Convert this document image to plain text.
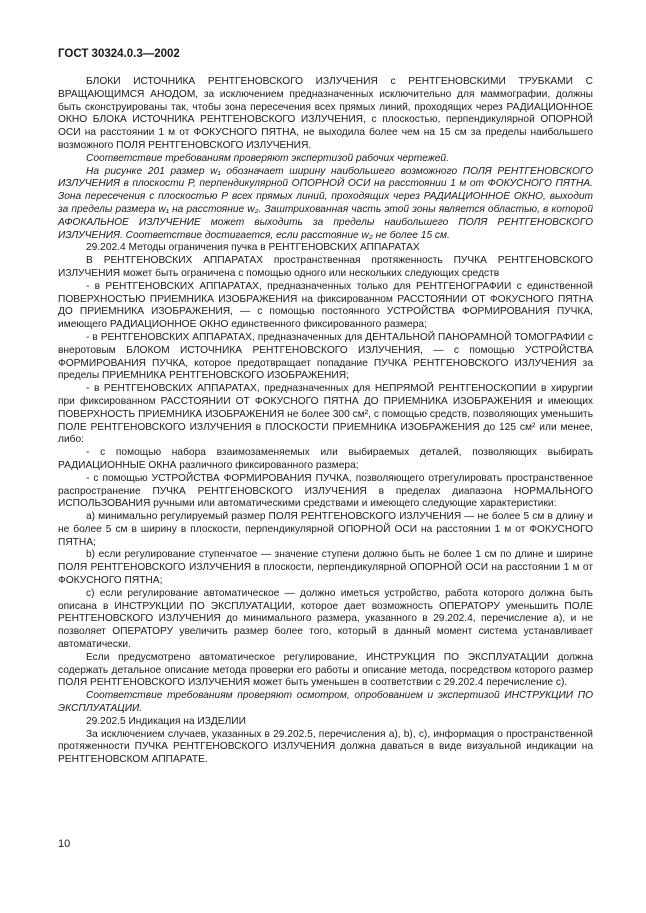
ГОСТ 30324.0.3—2002

БЛОКИ ИСТОЧНИКА РЕНТГЕНОВСКОГО ИЗЛУЧЕНИЯ с РЕНТГЕНОВСКИМИ ТРУБКАМИ С ВРАЩАЮЩИМСЯ АНОДОМ, за исключением предназначенных исключительно для маммографии, должны быть сконструированы так, чтобы зона пересечения всех прямых линий, проходящих через РАДИАЦИОННОЕ ОКНО БЛОКА ИСТОЧНИКА РЕНТГЕНОВСКОГО ИЗЛУЧЕНИЯ, с плоскостью, перпендикулярной ОПОРНОЙ ОСИ на расстоянии 1 м от ФОКУСНОГО ПЯТНА, не выходила более чем на 15 см за пределы наибольшего возможного ПОЛЯ РЕНТГЕНОВСКОГО ИЗЛУЧЕНИЯ.

Соответствие требованиям проверяют экспертизой рабочих чертежей.

На рисунке 201 размер w₁ обозначает ширину наибольшего возможного ПОЛЯ РЕНТГЕНОВСКОГО ИЗЛУЧЕНИЯ в плоскости Р, перпендикулярной ОПОРНОЙ ОСИ на расстоянии 1 м от ФОКУСНОГО ПЯТНА. Зона пересечения с плоскостью Р всех прямых линий, проходящих через РАДИАЦИОННОЕ ОКНО, выходит за пределы размера w₁ на расстояние w₂. Заштрихованная часть этой зоны является областью, в которой АФОКАЛЬНОЕ ИЗЛУЧЕНИЕ может выходить за пределы наибольшего ПОЛЯ РЕНТГЕНОВСКОГО ИЗЛУЧЕНИЯ. Соответствие достигается, если расстояние w₂ не более 15 см.

29.202.4 Методы ограничения пучка в РЕНТГЕНОВСКИХ АППАРАТАХ

В РЕНТГЕНОВСКИХ АППАРАТАХ пространственная протяженность ПУЧКА РЕНТГЕНОВСКОГО ИЗЛУЧЕНИЯ может быть ограничена с помощью одного или нескольких следующих средств

- в РЕНТГЕНОВСКИХ АППАРАТАХ, предназначенных только для РЕНТГЕНОГРАФИИ с единственной ПОВЕРХНОСТЬЮ ПРИЕМНИКА ИЗОБРАЖЕНИЯ на фиксированном РАССТОЯНИИ ОТ ФОКУСНОГО ПЯТНА ДО ПРИЕМНИКА ИЗОБРАЖЕНИЯ, — с помощью постоянного УСТРОЙСТВА ФОРМИРОВАНИЯ ПУЧКА, имеющего РАДИАЦИОННОЕ ОКНО единственного фиксированного размера;

- в РЕНТГЕНОВСКИХ АППАРАТАХ, предназначенных для ДЕНТАЛЬНОЙ ПАНОРАМНОЙ ТОМОГРАФИИ с внеротовым БЛОКОМ ИСТОЧНИКА РЕНТГЕНОВСКОГО ИЗЛУЧЕНИЯ, — с помощью УСТРОЙСТВА ФОРМИРОВАНИЯ ПУЧКА, которое предотвращает попадание ПУЧКА РЕНТГЕНОВСКОГО ИЗЛУЧЕНИЯ за пределы ПРИЕМНИКА РЕНТГЕНОВСКОГО ИЗОБРАЖЕНИЯ;

- в РЕНТГЕНОВСКИХ АППАРАТАХ, предназначенных для НЕПРЯМОЙ РЕНТГЕНОСКОПИИ в хирургии при фиксированном РАССТОЯНИИ ОТ ФОКУСНОГО ПЯТНА ДО ПРИЕМНИКА ИЗОБРАЖЕНИЯ и имеющих ПОВЕРХНОСТЬ ПРИЕМНИКА ИЗОБРАЖЕНИЯ не более 300 см², с помощью средств, позволяющих уменьшить ПОЛЕ РЕНТГЕНОВСКОГО ИЗЛУЧЕНИЯ в ПЛОСКОСТИ ПРИЕМНИКА ИЗОБРАЖЕНИЯ до 125 см² или менее, либо:

- с помощью набора взаимозаменяемых или выбираемых деталей, позволяющих выбирать РАДИАЦИОННЫЕ ОКНА различного фиксированного размера;

- с помощью УСТРОЙСТВА ФОРМИРОВАНИЯ ПУЧКА, позволяющего отрегулировать пространственное распространение ПУЧКА РЕНТГЕНОВСКОГО ИЗЛУЧЕНИЯ в пределах диапазона НОРМАЛЬНОГО ИСПОЛЬЗОВАНИЯ ручными или автоматическими средствами и имеющего следующие характеристики:

а) минимально регулируемый размер ПОЛЯ РЕНТГЕНОВСКОГО ИЗЛУЧЕНИЯ — не более 5 см в длину и не более 5 см в ширину в плоскости, перпендикулярной ОПОРНОЙ ОСИ на расстоянии 1 м от ФОКУСНОГО ПЯТНА;

b) если регулирование ступенчатое — значение ступени должно быть не более 1 см по длине и ширине ПОЛЯ РЕНТГЕНОВСКОГО ИЗЛУЧЕНИЯ в плоскости, перпендикулярной ОПОРНОЙ ОСИ на расстоянии 1 м от ФОКУСНОГО ПЯТНА;

с) если регулирование автоматическое — должно иметься устройство, работа которого должна быть описана в ИНСТРУКЦИИ ПО ЭКСПЛУАТАЦИИ, которое дает возможность ОПЕРАТОРУ уменьшить ПОЛЕ РЕНТГЕНОВСКОГО ИЗЛУЧЕНИЯ до минимального размера, указанного в 29.202.4, перечисление а), и не позволяет ОПЕРАТОРУ увеличить размер более того, который в данный момент система устанавливает автоматически.

Если предусмотрено автоматическое регулирование, ИНСТРУКЦИЯ ПО ЭКСПЛУАТАЦИИ должна содержать детальное описание метода проверки его работы и описание метода, посредством которого размер ПОЛЯ РЕНТГЕНОВСКОГО ИЗЛУЧЕНИЯ может быть уменьшен в соответствии с 29.202.4 перечисление с).

Соответствие требованиям проверяют осмотром, опробованием и экспертизой ИНСТРУКЦИИ ПО ЭКСПЛУАТАЦИИ.

29.202.5 Индикация на ИЗДЕЛИИ

За исключением случаев, указанных в 29.202.5, перечисления а), b), с), информация о пространственной протяженности ПУЧКА РЕНТГЕНОВСКОГО ИЗЛУЧЕНИЯ должна даваться в виде визуальной индикации на РЕНТГЕНОВСКОМ АППАРАТЕ.

10
